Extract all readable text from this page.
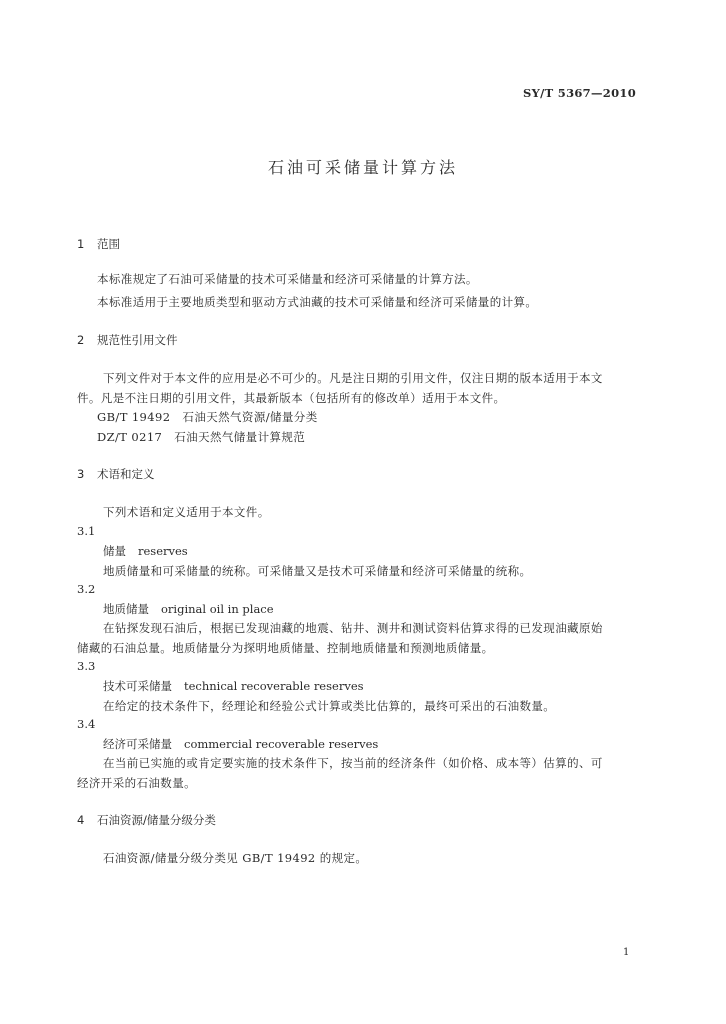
SY/T 5367—2010
石油可采储量计算方法
1 范围
本标准规定了石油可采储量的技术可采储量和经济可采储量的计算方法。
本标准适用于主要地质类型和驱动方式油藏的技术可采储量和经济可采储量的计算。
2 规范性引用文件
下列文件对于本文件的应用是必不可少的。凡是注日期的引用文件，仅注日期的版本适用于本文
件。凡是不注日期的引用文件，其最新版本（包括所有的修改单）适用于本文件。
GB/T 19492 石油天然气资源/储量分类
DZ/T 0217 石油天然气储量计算规范
3 术语和定义
下列术语和定义适用于本文件。
3.1
储量 reserves
地质储量和可采储量的统称。可采储量又是技术可采储量和经济可采储量的统称。
3.2
地质储量 original oil in place
在钻探发现石油后，根据已发现油藏的地震、钻井、测井和测试资料估算求得的已发现油藏原始
储藏的石油总量。地质储量分为探明地质储量、控制地质储量和预测地质储量。
3.3
技术可采储量 technical recoverable reserves
在给定的技术条件下，经理论和经验公式计算或类比估算的，最终可采出的石油数量。
3.4
经济可采储量 commercial recoverable reserves
在当前已实施的或肯定要实施的技术条件下，按当前的经济条件（如价格、成本等）估算的、可
经济开采的石油数量。
4 石油资源/储量分级分类
石油资源/储量分级分类见 GB/T 19492 的规定。
1
